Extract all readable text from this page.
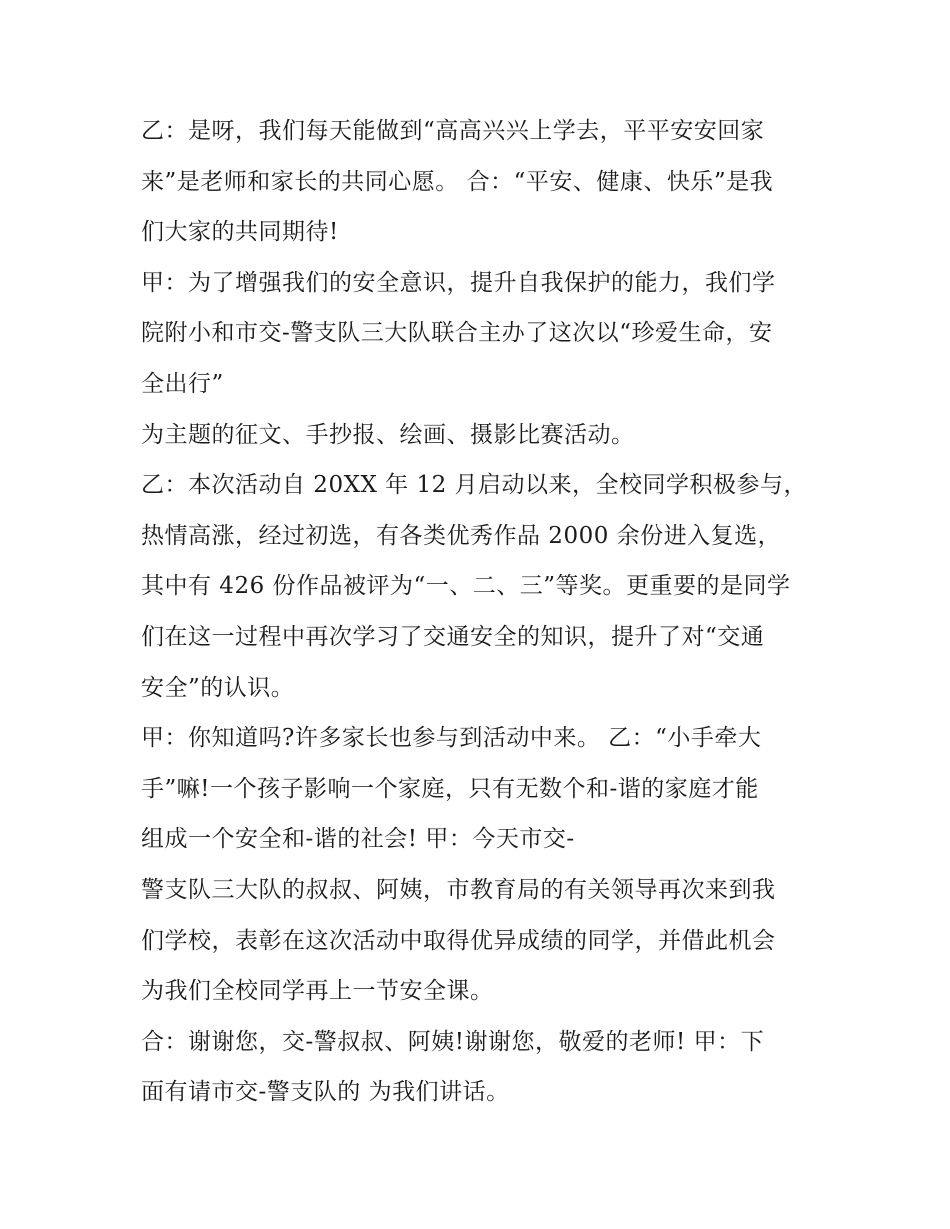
乙：是呀，我们每天能做到“高高兴兴上学去，平平安安回家
来”是老师和家长的共同心愿。 合：“平安、健康、快乐”是我
们大家的共同期待!
甲：为了增强我们的安全意识，提升自我保护的能力，我们学
院附小和市交-警支队三大队联合主办了这次以“珍爱生命，安
全出行”
为主题的征文、手抄报、绘画、摄影比赛活动。
乙：本次活动自 20XX 年 12 月启动以来，全校同学积极参与，
热情高涨，经过初选，有各类优秀作品 2000 余份进入复选，
其中有 426 份作品被评为“一、二、三”等奖。更重要的是同学
们在这一过程中再次学习了交通安全的知识，提升了对“交通
安全”的认识。
甲：你知道吗?许多家长也参与到活动中来。 乙：“小手牵大
手”嘛!一个孩子影响一个家庭，只有无数个和-谐的家庭才能
组成一个安全和-谐的社会! 甲：今天市交-
警支队三大队的叔叔、阿姨，市教育局的有关领导再次来到我
们学校，表彰在这次活动中取得优异成绩的同学，并借此机会
为我们全校同学再上一节安全课。
合：谢谢您，交-警叔叔、阿姨!谢谢您，敬爱的老师! 甲：下
面有请市交-警支队的 为我们讲话。
